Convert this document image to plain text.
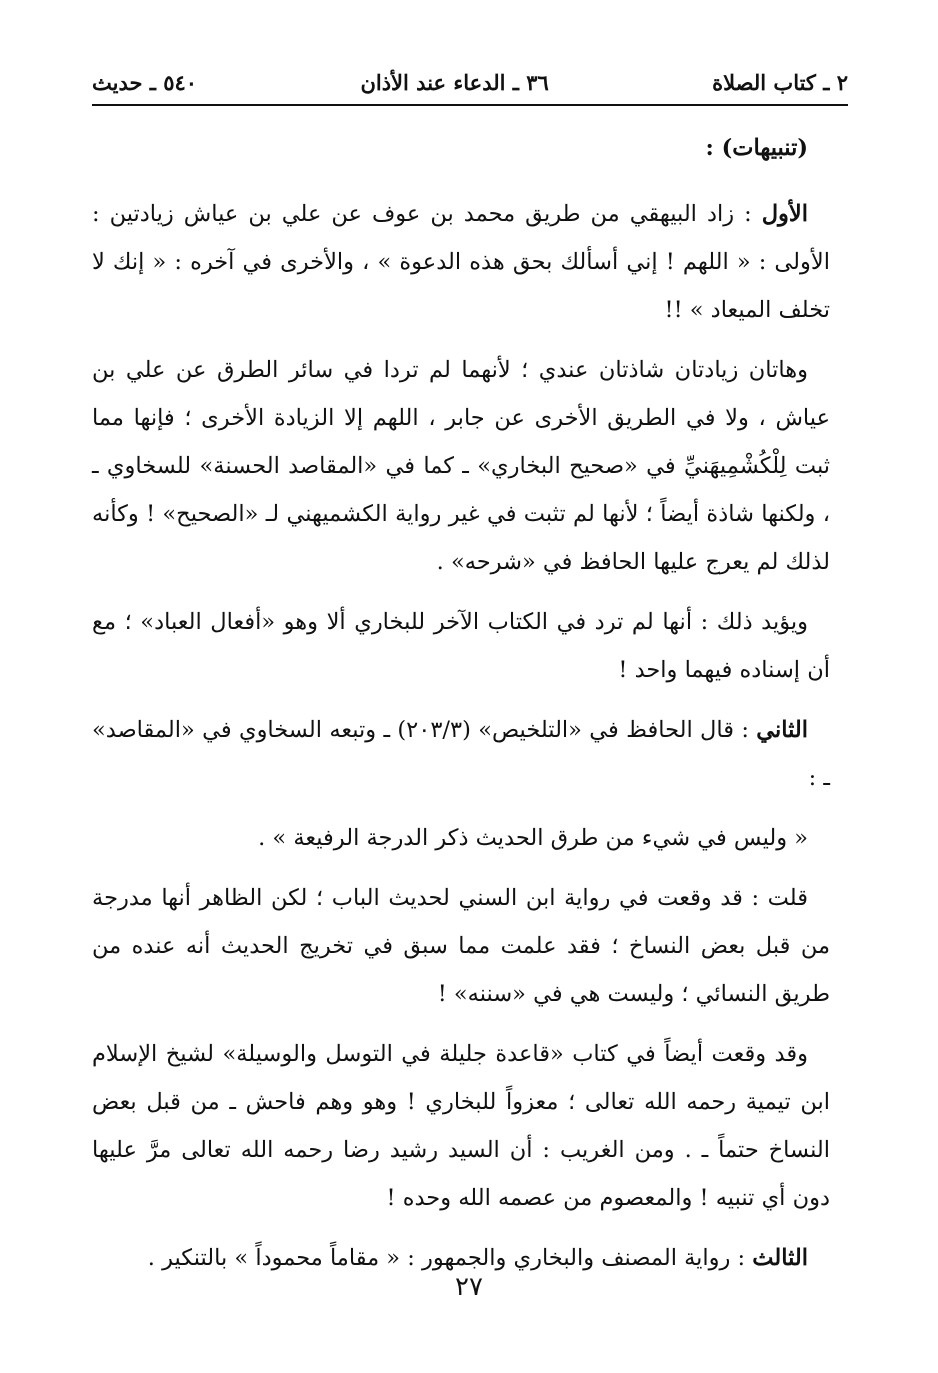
٢ ـ كتاب الصلاة
٣٦ ـ الدعاء عند الأذان
٥٤٠ ـ حديث

(تنبيهات) :

الأول : زاد البيهقي من طريق محمد بن عوف عن علي بن عياش زيادتين : الأولى : « اللهم ! إني أسألك بحق هذه الدعوة » ، والأخرى في آخره : « إنك لا تخلف الميعاد » !!

وهاتان زيادتان شاذتان عندي ؛ لأنهما لم تردا في سائر الطرق عن علي بن عياش ، ولا في الطريق الأخرى عن جابر ، اللهم إلا الزيادة الأخرى ؛ فإنها مما ثبت لِلْكُشْمِيهَنيِّ في «صحيح البخاري» ـ كما في «المقاصد الحسنة» للسخاوي ـ ، ولكنها شاذة أيضاً ؛ لأنها لم تثبت في غير رواية الكشميهني لـ «الصحيح» ! وكأنه لذلك لم يعرج عليها الحافظ في «شرحه» .

ويؤيد ذلك : أنها لم ترد في الكتاب الآخر للبخاري ألا وهو «أفعال العباد» ؛ مع أن إسناده فيهما واحد !

الثاني : قال الحافظ في «التلخيص» (٢٠٣/٣) ـ وتبعه السخاوي في «المقاصد» ـ :

« وليس في شيء من طرق الحديث ذكر الدرجة الرفيعة » .

قلت : قد وقعت في رواية ابن السني لحديث الباب ؛ لكن الظاهر أنها مدرجة من قبل بعض النساخ ؛ فقد علمت مما سبق في تخريج الحديث أنه عنده من طريق النسائي ؛ وليست هي في «سننه» !

وقد وقعت أيضاً في كتاب «قاعدة جليلة في التوسل والوسيلة» لشيخ الإسلام ابن تيمية رحمه الله تعالى ؛ معزواً للبخاري ! وهو وهم فاحش ـ من قبل بعض النساخ حتماً ـ . ومن الغريب : أن السيد رشيد رضا رحمه الله تعالى مرَّ عليها دون أي تنبيه ! والمعصوم من عصمه الله وحده !

الثالث : رواية المصنف والبخاري والجمهور : « مقاماً محموداً » بالتنكير .

٢٧
